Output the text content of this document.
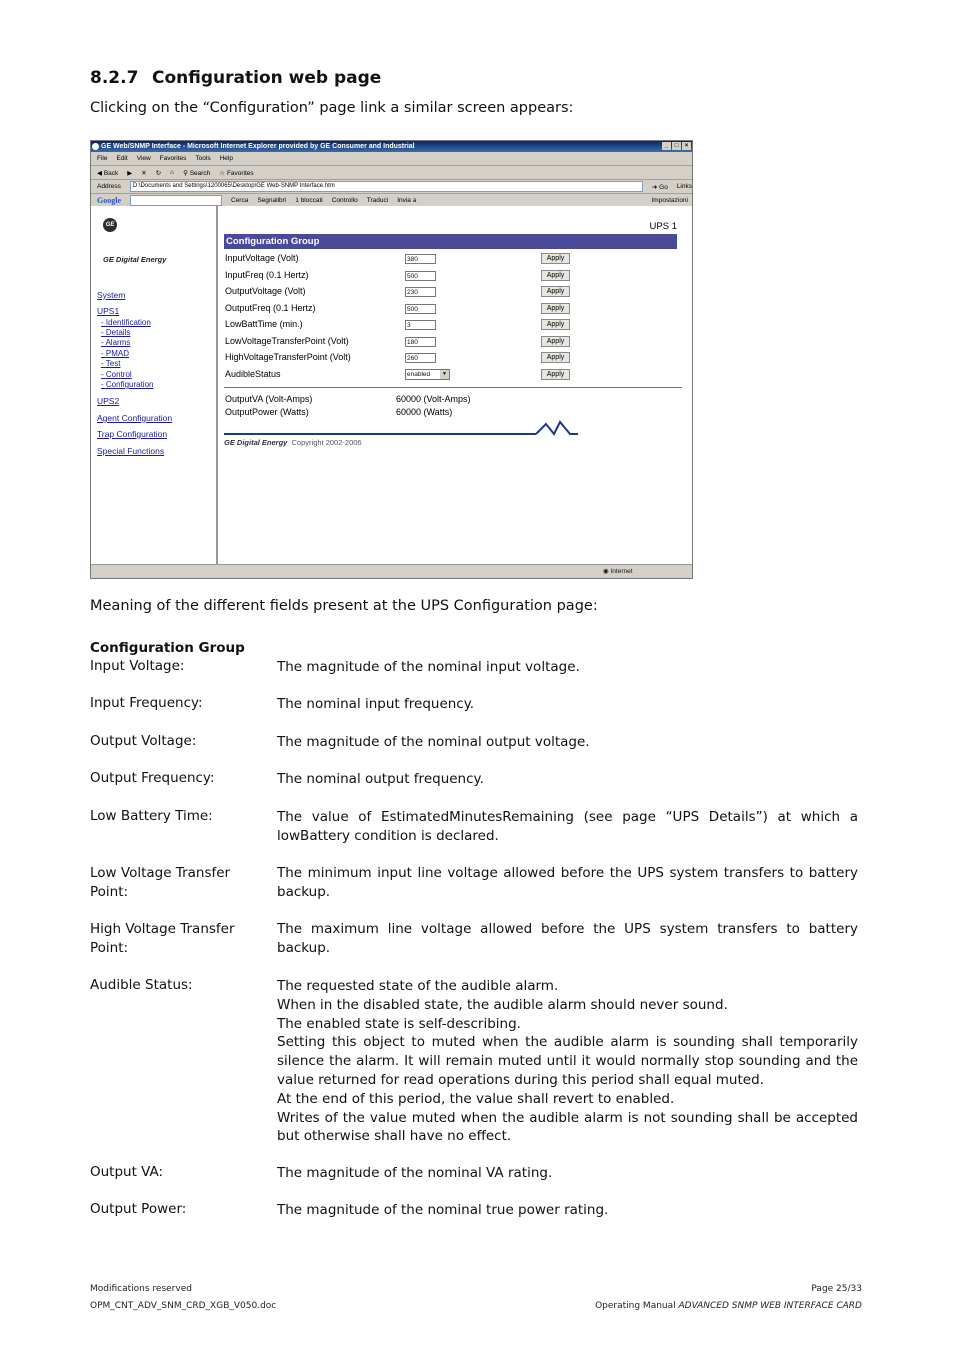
8.2.7 Configuration web page
Clicking on the “Configuration” page link a similar screen appears:
GE Web/SNMP Interface - Microsoft Internet Explorer provided by GE Consumer and Industrial	_	□	×
File Edit View Favorites Tools Help
◀ Back ▶ ✕ ↻ ⌂ ⚲ Search ☆ Favorites
Address	D:\Documents and Settings\1200065\Desktop\GE Web-SNMP Interface.htm	➜ Go Links
Google	Cerca Segnalibri 1 bloccati Controllo Traduci Invia a	Impostazioni
GE
GE Digital Energy
System
UPS1
- Identification
- Details
- Alarms
- PMAD
- Test
- Control
- Configuration
UPS2
Agent Configuration
Trap Configuration
Special Functions
UPS 1
Configuration Group
InputVoltage (Volt)	380	Apply
InputFreq (0.1 Hertz)	500	Apply
OutputVoltage (Volt)	230	Apply
OutputFreq (0.1 Hertz)	500	Apply
LowBattTime (min.)	3	Apply
LowVoltageTransferPoint (Volt)	180	Apply
HighVoltageTransferPoint (Volt)	260	Apply
AudibleStatus	enabled	▼	Apply
OutputVA (Volt-Amps)	60000 (Volt-Amps)
OutputPower (Watts)	60000 (Watts)
GE Digital Energy Copyright 2002-2006
◉ Internet
Meaning of the different fields present at the UPS Configuration page:
Configuration Group
Input Voltage:	The magnitude of the nominal input voltage.
Input Frequency:	The nominal input frequency.
Output Voltage:	The magnitude of the nominal output voltage.
Output Frequency:	The nominal output frequency.
Low Battery Time:	The value of EstimatedMinutesRemaining (see page “UPS Details”) at which a lowBattery condition is declared.
Low Voltage Transfer Point:
The minimum input line voltage allowed before the UPS system transfers to battery backup.
High Voltage Transfer Point:
The maximum line voltage allowed before the UPS system transfers to battery backup.
Audible Status:	The requested state of the audible alarm.
When in the disabled state, the audible alarm should never sound.
The enabled state is self-describing.
Setting this object to muted when the audible alarm is sounding shall temporarily silence the alarm. It will remain muted until it would normally stop sounding and the value returned for read operations during this period shall equal muted.
At the end of this period, the value shall revert to enabled.
Writes of the value muted when the audible alarm is not sounding shall be accepted but otherwise shall have no effect.
Output VA:	The magnitude of the nominal VA rating.
Output Power:	The magnitude of the nominal true power rating.
Modifications reserved
OPM_CNT_ADV_SNM_CRD_XGB_V050.doc
Page 25/33
Operating Manual ADVANCED SNMP WEB INTERFACE CARD
